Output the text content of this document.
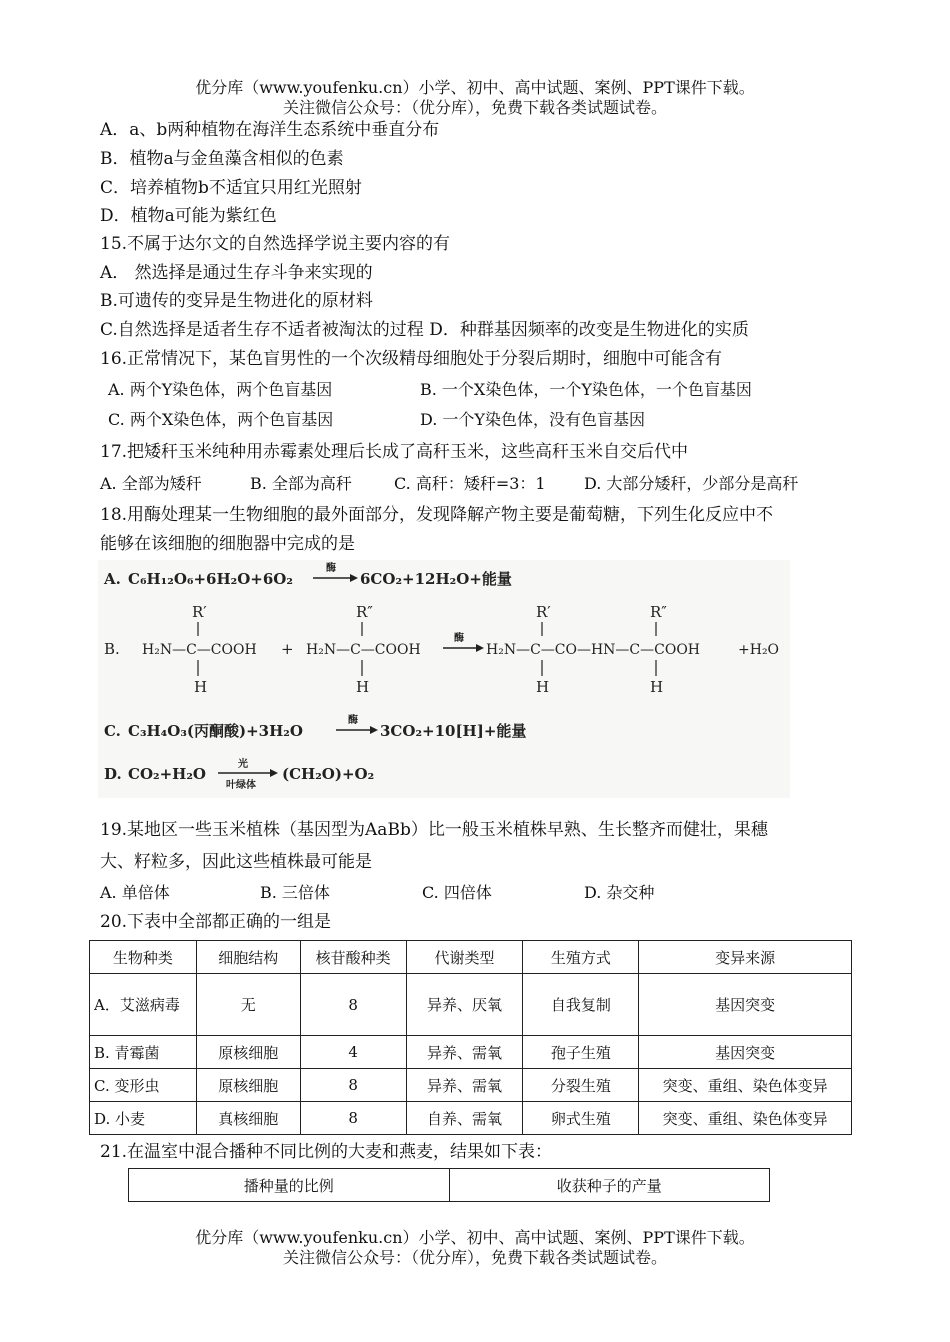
优分库（www.youfenku.cn）小学、初中、高中试题、案例、PPT课件下载。
关注微信公众号：（优分库），免费下载各类试题试卷。
A．a、b两种植物在海洋生态系统中垂直分布
B．植物a与金鱼藻含相似的色素
C．培养植物b不适宜只用红光照射
D．植物a可能为紫红色
15.不属于达尔文的自然选择学说主要内容的有
A． 然选择是通过生存斗争来实现的
B.可遗传的变异是生物进化的原材料
C.自然选择是适者生存不适者被淘汰的过程 D．种群基因频率的改变是生物进化的实质
16.正常情况下，某色盲男性的一个次级精母细胞处于分裂后期时，细胞中可能含有
A. 两个Y染色体，两个色盲基因	B. 一个X染色体，一个Y染色体，一个色盲基因
C. 两个X染色体，两个色盲基因	D. 一个Y染色体，没有色盲基因
17.把矮秆玉米纯种用赤霉素处理后长成了高秆玉米，这些高秆玉米自交后代中
A. 全部为矮秆	B. 全部为高秆	C. 高秆：矮秆=3：1 D. 大部分矮秆，少部分是高秆
18.用酶处理某一生物细胞的最外面部分，发现降解产物主要是葡萄糖，下列生化反应中不
能够在该细胞的细胞器中完成的是
A. C₆H₁₂O₆+6H₂O+6O₂
酶
6CO₂+12H₂O+能量
R′
H
R″
H
R′
H
R″
H
B. H₂N—C—COOH + H₂N—C—COOH
酶
H₂N—C—CO—HN—C—COOH	+H₂O
C. C₃H₄O₃(丙酮酸)+3H₂O
酶
3CO₂+10[H]+能量
D. CO₂+H₂O
光
叶绿体
(CH₂O)+O₂
19.某地区一些玉米植株（基因型为AaBb）比一般玉米植株早熟、生长整齐而健壮，果穗
大、籽粒多，因此这些植株最可能是
A. 单倍体	B. 三倍体	C. 四倍体	D. 杂交种
20.下表中全部都正确的一组是
生物种类	细胞结构	核苷酸种类	代谢类型	生殖方式	变异来源
A．艾滋病毒	无	8	异养、厌氧	自我复制	基因突变
B. 青霉菌	原核细胞	4	异养、需氧	孢子生殖	基因突变
C. 变形虫	原核细胞	8	异养、需氧	分裂生殖	突变、重组、染色体变异
D. 小麦	真核细胞	8	自养、需氧	卵式生殖	突变、重组、染色体变异
21.在温室中混合播种不同比例的大麦和燕麦，结果如下表：
播种量的比例	收获种子的产量
优分库（www.youfenku.cn）小学、初中、高中试题、案例、PPT课件下载。
关注微信公众号：（优分库），免费下载各类试题试卷。
